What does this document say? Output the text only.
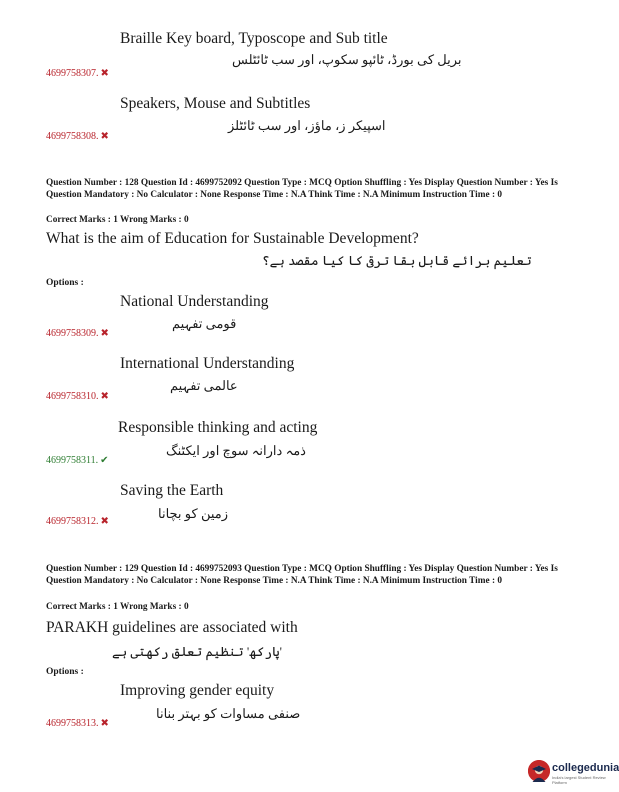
Braille Key board, Typoscope and Sub title
بریل کی بورڈ، ٹائپو سکوپ، اور سب ٹائٹلس
4699758307. ✖
Speakers, Mouse and Subtitles
اسپیکر ز، ماؤز، اور سب ٹائٹلز
4699758308. ✖
Question Number : 128 Question Id : 4699752092 Question Type : MCQ Option Shuffling : Yes Display Question Number : Yes Is Question Mandatory : No Calculator : None Response Time : N.A Think Time : N.A Minimum Instruction Time : 0
Correct Marks : 1 Wrong Marks : 0
What is the aim of Education for Sustainable Development?
تعلیم برائے قابل بقا ترقی کا کیا مقصد ہے؟
Options :
National Understanding
قومی تفہیم
4699758309. ✖
International Understanding
عالمی تفہیم
4699758310. ✖
Responsible thinking and acting
ذمہ دارانہ سوچ اور ایکٹنگ
4699758311. ✔
Saving the Earth
زمین کو بچانا
4699758312. ✖
Question Number : 129 Question Id : 4699752093 Question Type : MCQ Option Shuffling : Yes Display Question Number : Yes Is Question Mandatory : No Calculator : None Response Time : N.A Think Time : N.A Minimum Instruction Time : 0
Correct Marks : 1 Wrong Marks : 0
PARAKH guidelines are associated with
'پارکھ' تنظیم تعلق رکھتی ہے
Options :
Improving gender equity
صنفی مساوات کو بہتر بنانا
4699758313. ✖
collegedunia
India's largest Student Review Platform
